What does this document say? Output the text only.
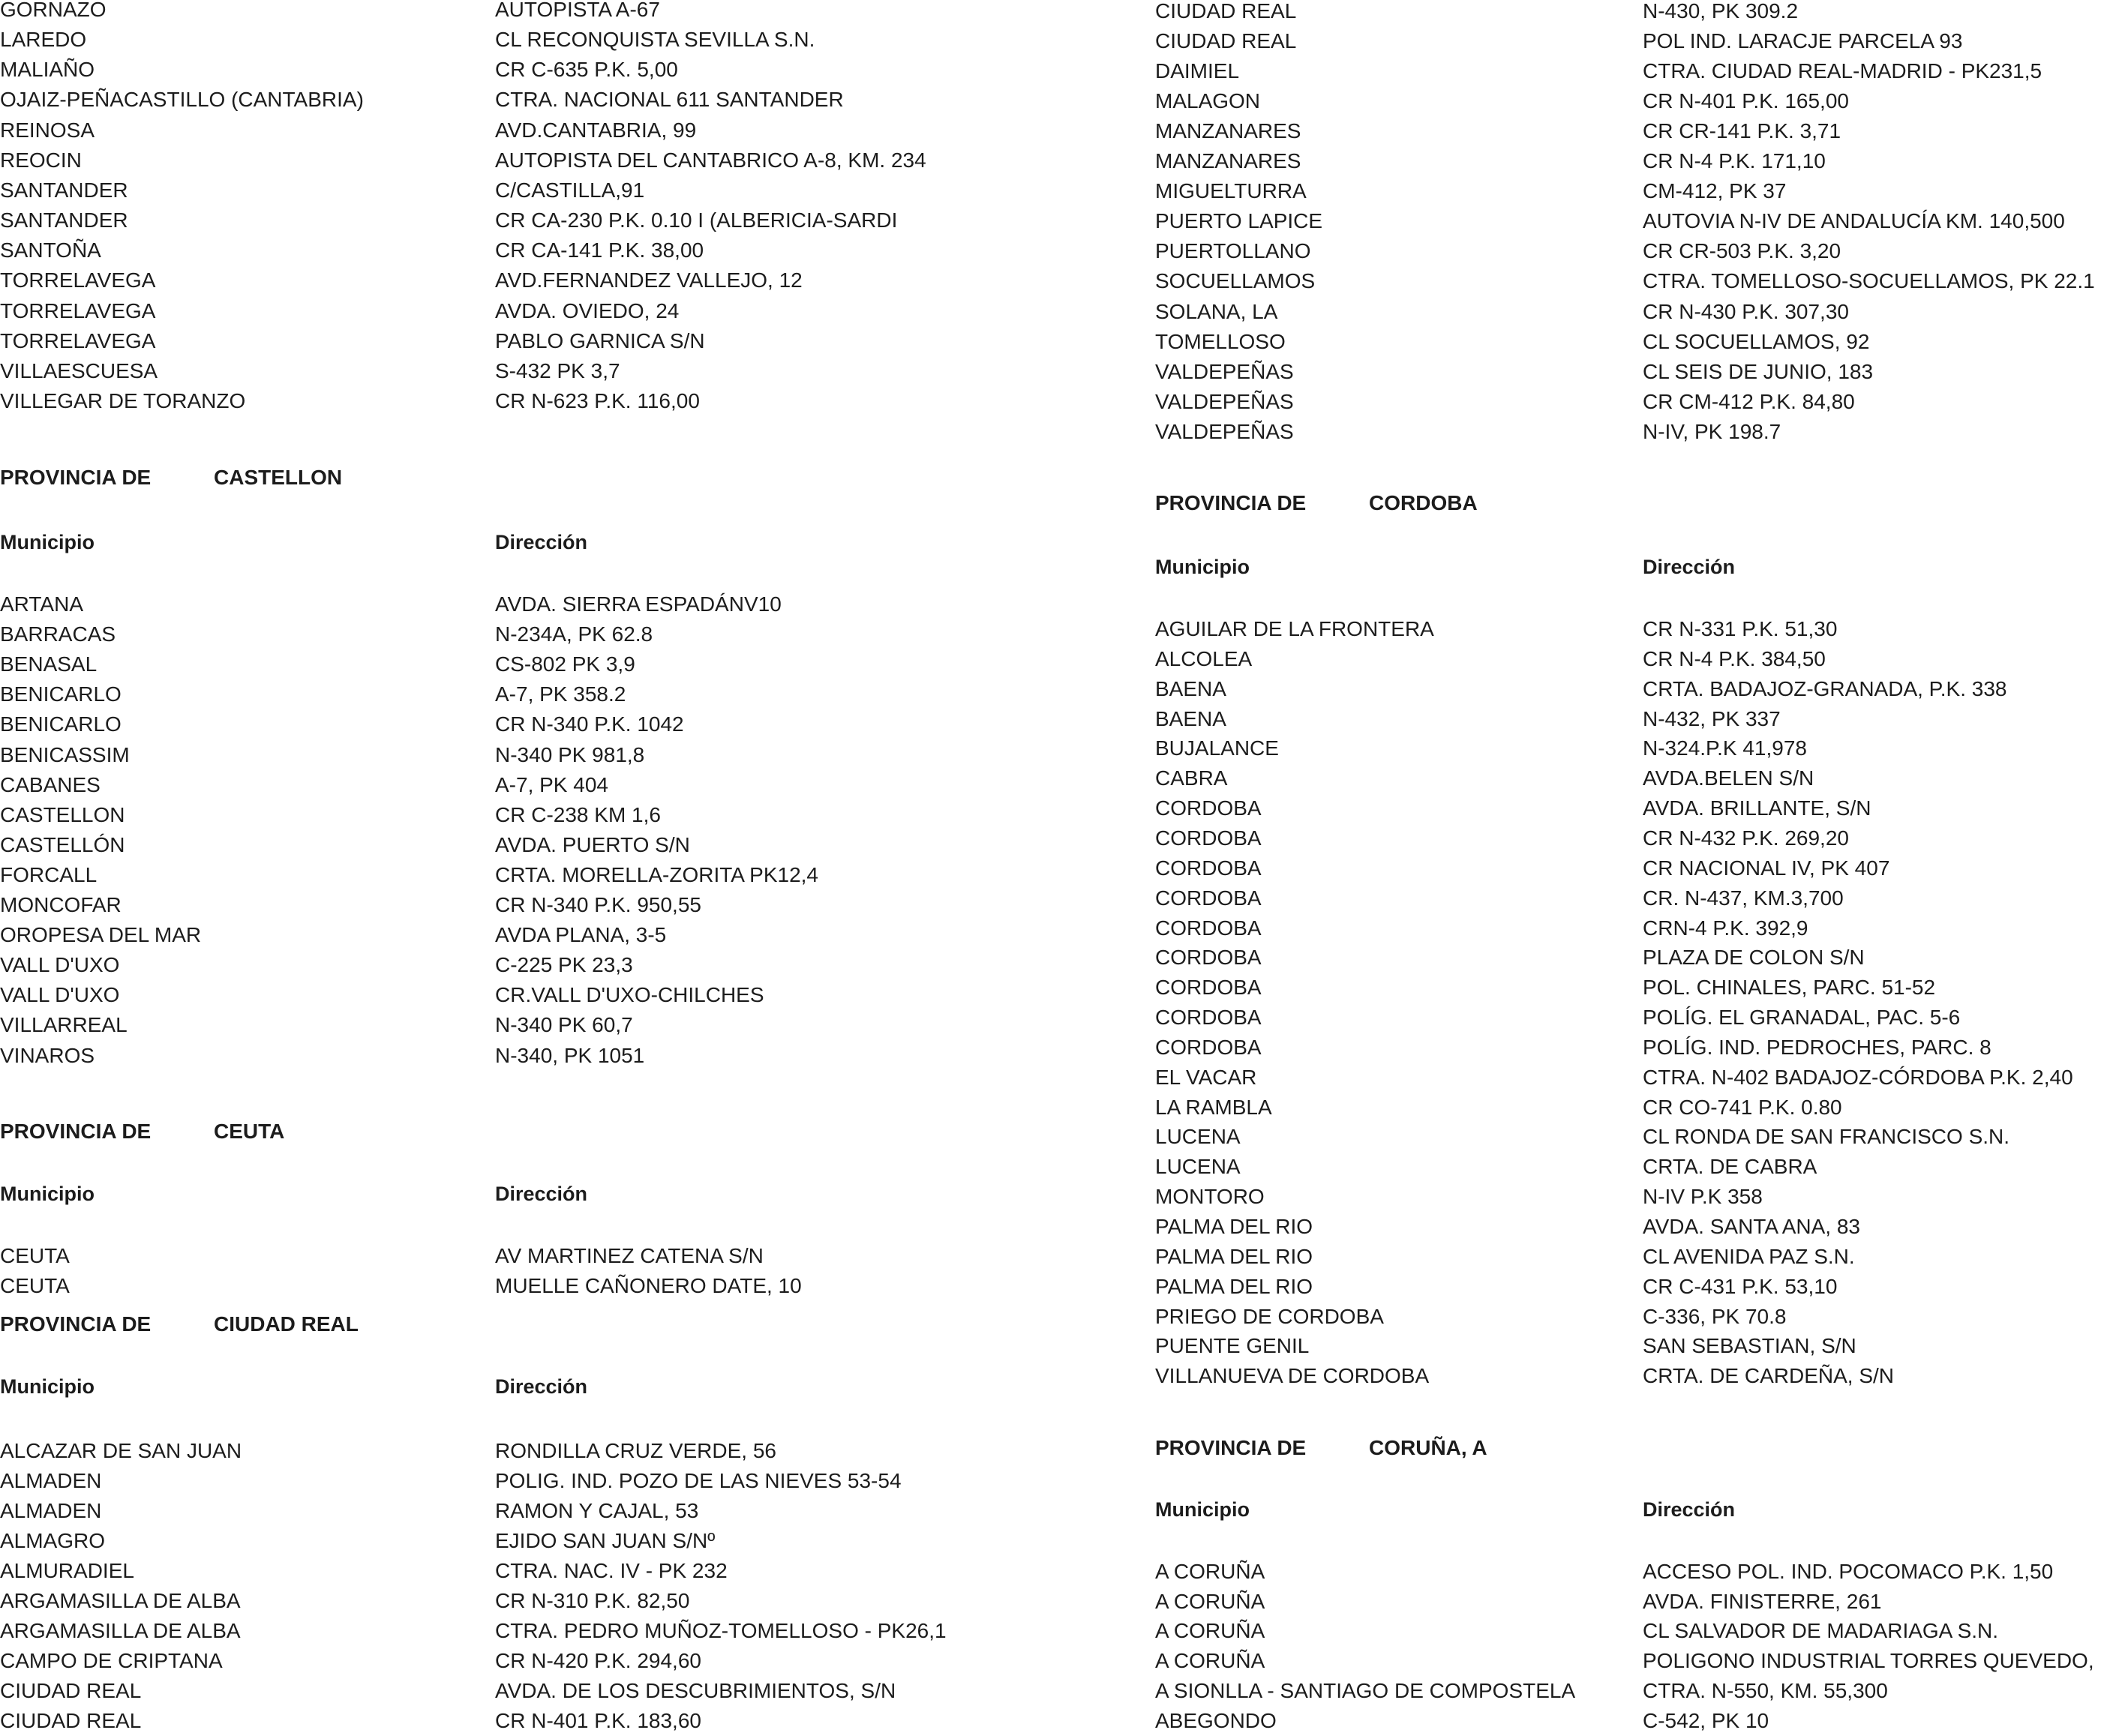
GORNAZO	AUTOPISTA A-67
LAREDO	CL RECONQUISTA SEVILLA S.N.
MALIAÑO	CR C-635 P.K. 5,00
OJAIZ-PEÑACASTILLO (CANTABRIA)	CTRA. NACIONAL 611 SANTANDER
REINOSA	AVD.CANTABRIA, 99
REOCIN	AUTOPISTA DEL CANTABRICO A-8, KM. 234
SANTANDER	C/CASTILLA,91
SANTANDER	CR CA-230 P.K. 0.10 I (ALBERICIA-SARDI
SANTOÑA	CR CA-141 P.K. 38,00
TORRELAVEGA	AVD.FERNANDEZ VALLEJO, 12
TORRELAVEGA	AVDA. OVIEDO, 24
TORRELAVEGA	PABLO GARNICA S/N
VILLAESCUESA	S-432 PK 3,7
VILLEGAR DE TORANZO	CR N-623 P.K. 116,00
PROVINCIA DE	CASTELLON
Municipio	Dirección
ARTANA	AVDA. SIERRA ESPADÁNV10
BARRACAS	N-234A, PK 62.8
BENASAL	CS-802 PK 3,9
BENICARLO	A-7, PK 358.2
BENICARLO	CR N-340 P.K. 1042
BENICASSIM	N-340 PK 981,8
CABANES	A-7, PK 404
CASTELLON	CR C-238 KM 1,6
CASTELLÓN	AVDA. PUERTO S/N
FORCALL	CRTA. MORELLA-ZORITA PK12,4
MONCOFAR	CR N-340 P.K. 950,55
OROPESA DEL MAR	AVDA PLANA, 3-5
VALL D'UXO	C-225 PK 23,3
VALL D'UXO	CR.VALL D'UXO-CHILCHES
VILLARREAL	N-340 PK 60,7
VINAROS	N-340, PK 1051
PROVINCIA DE	CEUTA
Municipio	Dirección
CEUTA	AV MARTINEZ CATENA S/N
CEUTA	MUELLE CAÑONERO DATE, 10
PROVINCIA DE	CIUDAD REAL
Municipio	Dirección
ALCAZAR DE SAN JUAN	RONDILLA CRUZ VERDE, 56
ALMADEN	POLIG. IND. POZO DE LAS NIEVES 53-54
ALMADEN	RAMON Y CAJAL, 53
ALMAGRO	EJIDO SAN JUAN S/Nº
ALMURADIEL	CTRA. NAC. IV - PK 232
ARGAMASILLA DE ALBA	CR N-310 P.K. 82,50
ARGAMASILLA DE ALBA	CTRA. PEDRO MUÑOZ-TOMELLOSO - PK26,1
CAMPO DE CRIPTANA	CR N-420 P.K. 294,60
CIUDAD REAL	AVDA. DE LOS DESCUBRIMIENTOS, S/N
CIUDAD REAL	CR N-401 P.K. 183,60
CIUDAD REAL	N-430, PK 309.2
CIUDAD REAL	POL IND. LARACJE PARCELA 93
DAIMIEL	CTRA. CIUDAD REAL-MADRID - PK231,5
MALAGON	CR N-401 P.K. 165,00
MANZANARES	CR CR-141 P.K. 3,71
MANZANARES	CR N-4 P.K. 171,10
MIGUELTURRA	CM-412, PK 37
PUERTO LAPICE	AUTOVIA N-IV DE ANDALUCÍA KM. 140,500
PUERTOLLANO	CR CR-503 P.K. 3,20
SOCUELLAMOS	CTRA. TOMELLOSO-SOCUELLAMOS, PK 22.1
SOLANA, LA	CR N-430 P.K. 307,30
TOMELLOSO	CL SOCUELLAMOS, 92
VALDEPEÑAS	CL SEIS DE JUNIO, 183
VALDEPEÑAS	CR CM-412 P.K. 84,80
VALDEPEÑAS	N-IV, PK 198.7
PROVINCIA DE	CORDOBA
Municipio	Dirección
AGUILAR DE LA FRONTERA	CR N-331 P.K. 51,30
ALCOLEA	CR N-4 P.K. 384,50
BAENA	CRTA. BADAJOZ-GRANADA, P.K. 338
BAENA	N-432, PK 337
BUJALANCE	N-324.P.K 41,978
CABRA	AVDA.BELEN S/N
CORDOBA	AVDA. BRILLANTE, S/N
CORDOBA	CR N-432 P.K. 269,20
CORDOBA	CR NACIONAL IV, PK 407
CORDOBA	CR. N-437, KM.3,700
CORDOBA	CRN-4 P.K. 392,9
CORDOBA	PLAZA DE COLON S/N
CORDOBA	POL. CHINALES, PARC. 51-52
CORDOBA	POLÍG. EL GRANADAL, PAC. 5-6
CORDOBA	POLÍG. IND. PEDROCHES, PARC. 8
EL VACAR	CTRA. N-402 BADAJOZ-CÓRDOBA P.K. 2,40
LA RAMBLA	CR CO-741 P.K. 0.80
LUCENA	CL RONDA DE SAN FRANCISCO S.N.
LUCENA	CRTA. DE CABRA
MONTORO	N-IV P.K 358
PALMA DEL RIO	AVDA. SANTA ANA, 83
PALMA DEL RIO	CL AVENIDA PAZ S.N.
PALMA DEL RIO	CR C-431 P.K. 53,10
PRIEGO DE CORDOBA	C-336, PK 70.8
PUENTE GENIL	SAN SEBASTIAN, S/N
VILLANUEVA DE CORDOBA	CRTA. DE CARDEÑA, S/N
PROVINCIA DE	CORUÑA, A
Municipio	Dirección
A CORUÑA	ACCESO POL. IND. POCOMACO P.K. 1,50
A CORUÑA	AVDA. FINISTERRE, 261
A CORUÑA	CL SALVADOR DE MADARIAGA S.N.
A CORUÑA	POLIGONO INDUSTRIAL TORRES QUEVEDO,
A SIONLLA - SANTIAGO DE COMPOSTELA	CTRA. N-550, KM. 55,300
ABEGONDO	C-542, PK 10
